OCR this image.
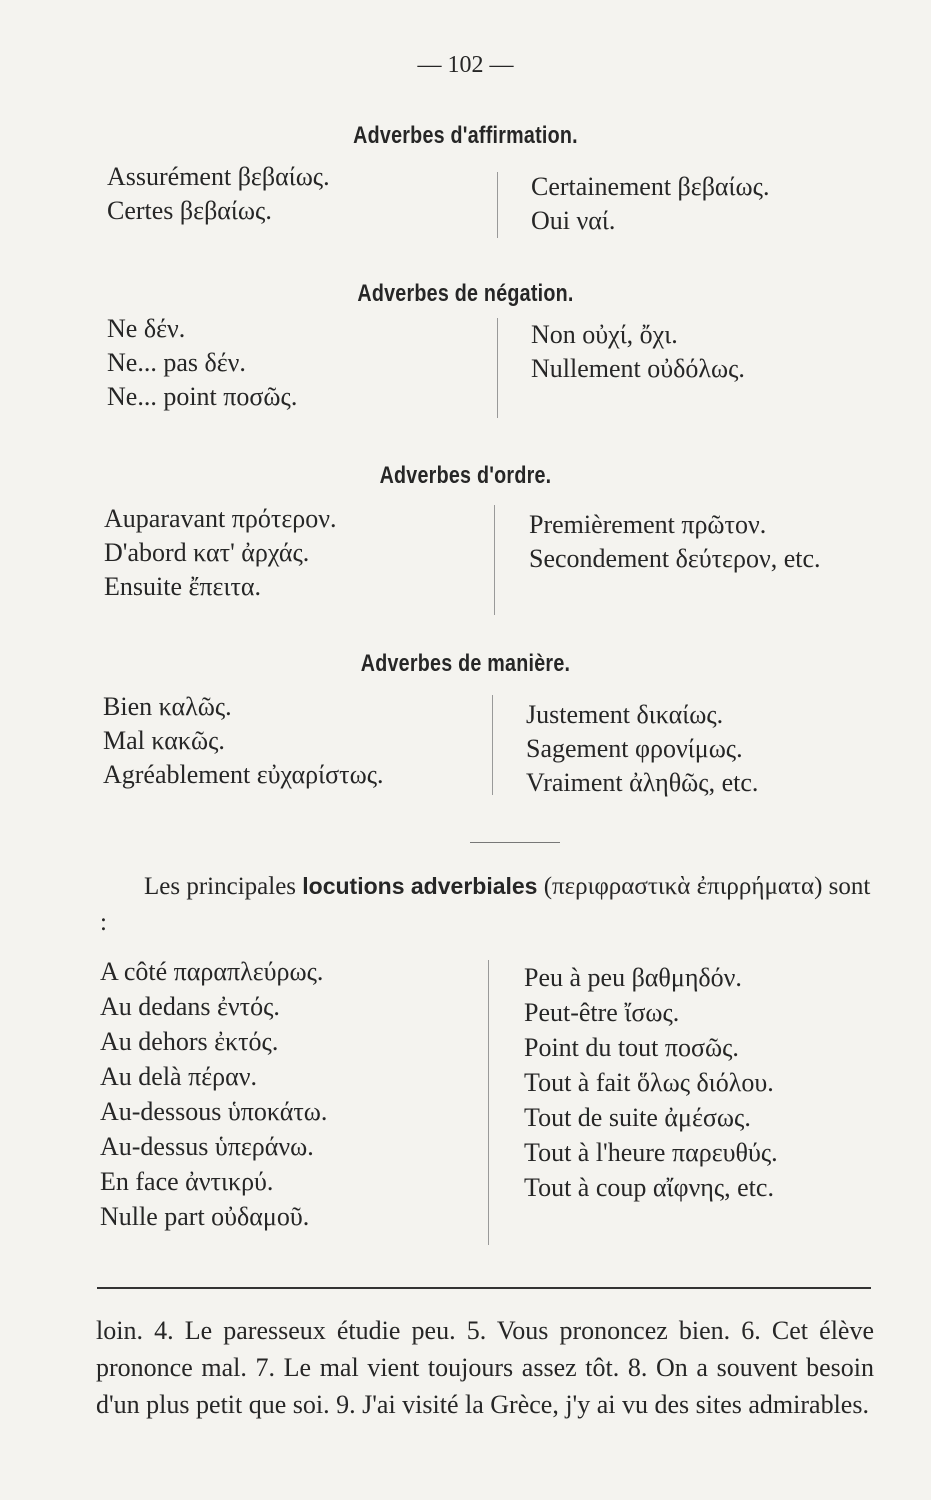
— 102 —
Adverbes d'affirmation.
Assurément βεβαίως.
Certes βεβαίως.
Certainement βεβαίως.
Oui ναί.
Adverbes de négation.
Ne δέν.
Ne... pas δέν.
Ne... point ποσῶς.
Non οὐχί, ὄχι.
Nullement οὐδόλως.
Adverbes d'ordre.
Auparavant πρότερον.
D'abord κατ' ἀρχάς.
Ensuite ἔπειτα.
Premièrement πρῶτον.
Secondement δεύτερον, etc.
Adverbes de manière.
Bien καλῶς.
Mal κακῶς.
Agréablement εὐχαρίστως.
Justement δικαίως.
Sagement φρονίμως.
Vraiment ἀληθῶς, etc.
Les principales locutions adverbiales (περιφραστικὰ ἐπιρρήματα) sont :
A côté παραπλεύρως.
Au dedans ἐντός.
Au dehors ἐκτός.
Au delà πέραν.
Au-dessous ὑποκάτω.
Au-dessus ὑπεράνω.
En face ἀντικρύ.
Nulle part οὐδαμοῦ.
Peu à peu βαθμηδόν.
Peut-être ἴσως.
Point du tout ποσῶς.
Tout à fait ὅλως διόλου.
Tout de suite ἀμέσως.
Tout à l'heure παρευθύς.
Tout à coup αἴφνης, etc.
loin. 4. Le paresseux étudie peu. 5. Vous prononcez bien. 6. Cet élève prononce mal. 7. Le mal vient toujours assez tôt. 8. On a souvent besoin d'un plus petit que soi. 9. J'ai visité la Grèce, j'y ai vu des sites admirables.
